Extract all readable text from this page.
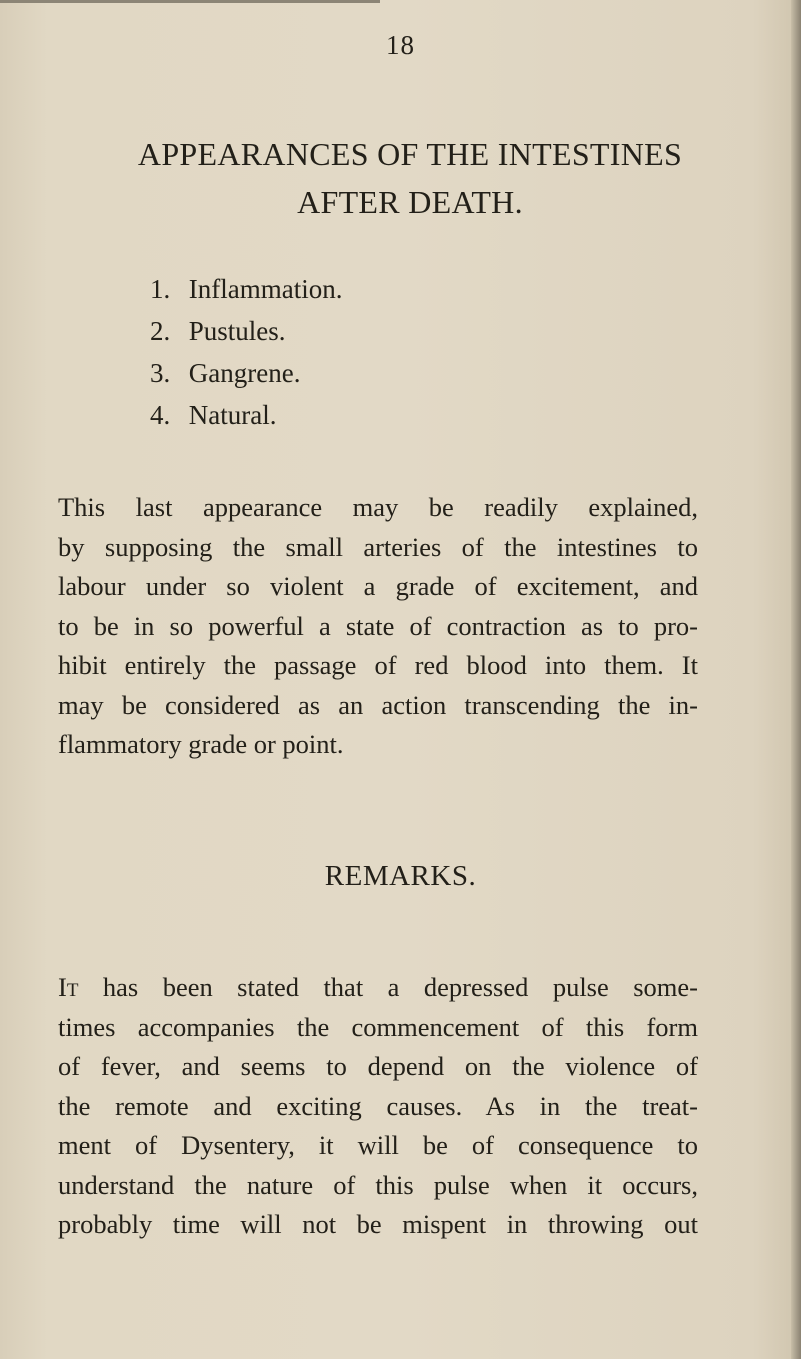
18
APPEARANCES OF THE INTESTINES
AFTER DEATH.
1. Inflammation.
2. Pustules.
3. Gangrene.
4. Natural.

This last appearance may be readily explained,
by supposing the small arteries of the intestines to
labour under so violent a grade of excitement, and
to be in so powerful a state of contraction as to pro-
hibit entirely the passage of red blood into them. It
may be considered as an action transcending the in-
flammatory grade or point.

REMARKS.

It has been stated that a depressed pulse some-
times accompanies the commencement of this form
of fever, and seems to depend on the violence of
the remote and exciting causes. As in the treat-
ment of Dysentery, it will be of consequence to
understand the nature of this pulse when it occurs,
probably time will not be mispent in throwing out
